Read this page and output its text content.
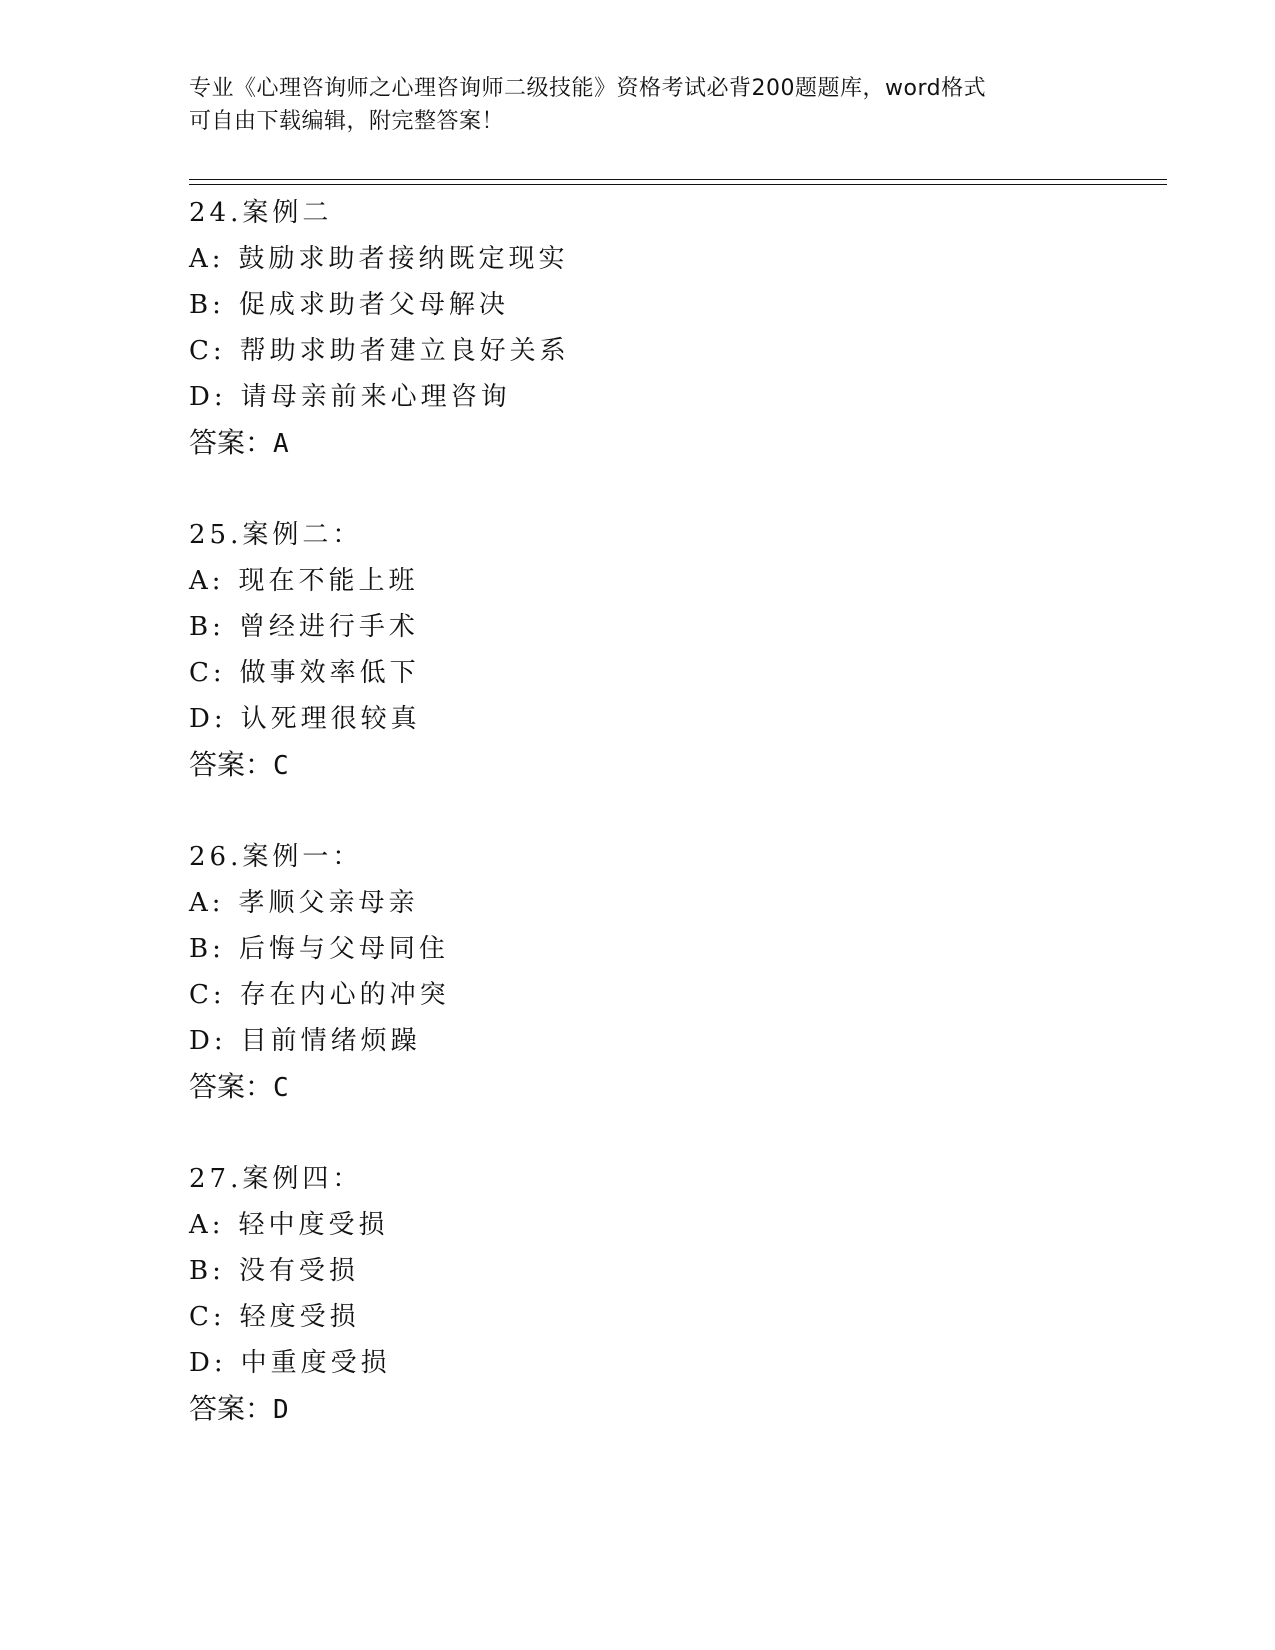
专业《心理咨询师之心理咨询师二级技能》资格考试必背200题题库，word格式
可自由下载编辑，附完整答案！
24.案例二
A: 鼓励求助者接纳既定现实
B: 促成求助者父母解决
C: 帮助求助者建立良好关系
D: 请母亲前来心理咨询
答案：A
25.案例二：
A: 现在不能上班
B: 曾经进行手术
C: 做事效率低下
D: 认死理很较真
答案：C
26.案例一：
A: 孝顺父亲母亲
B: 后悔与父母同住
C: 存在内心的冲突
D: 目前情绪烦躁
答案：C
27.案例四：
A: 轻中度受损
B: 没有受损
C: 轻度受损
D: 中重度受损
答案：D
